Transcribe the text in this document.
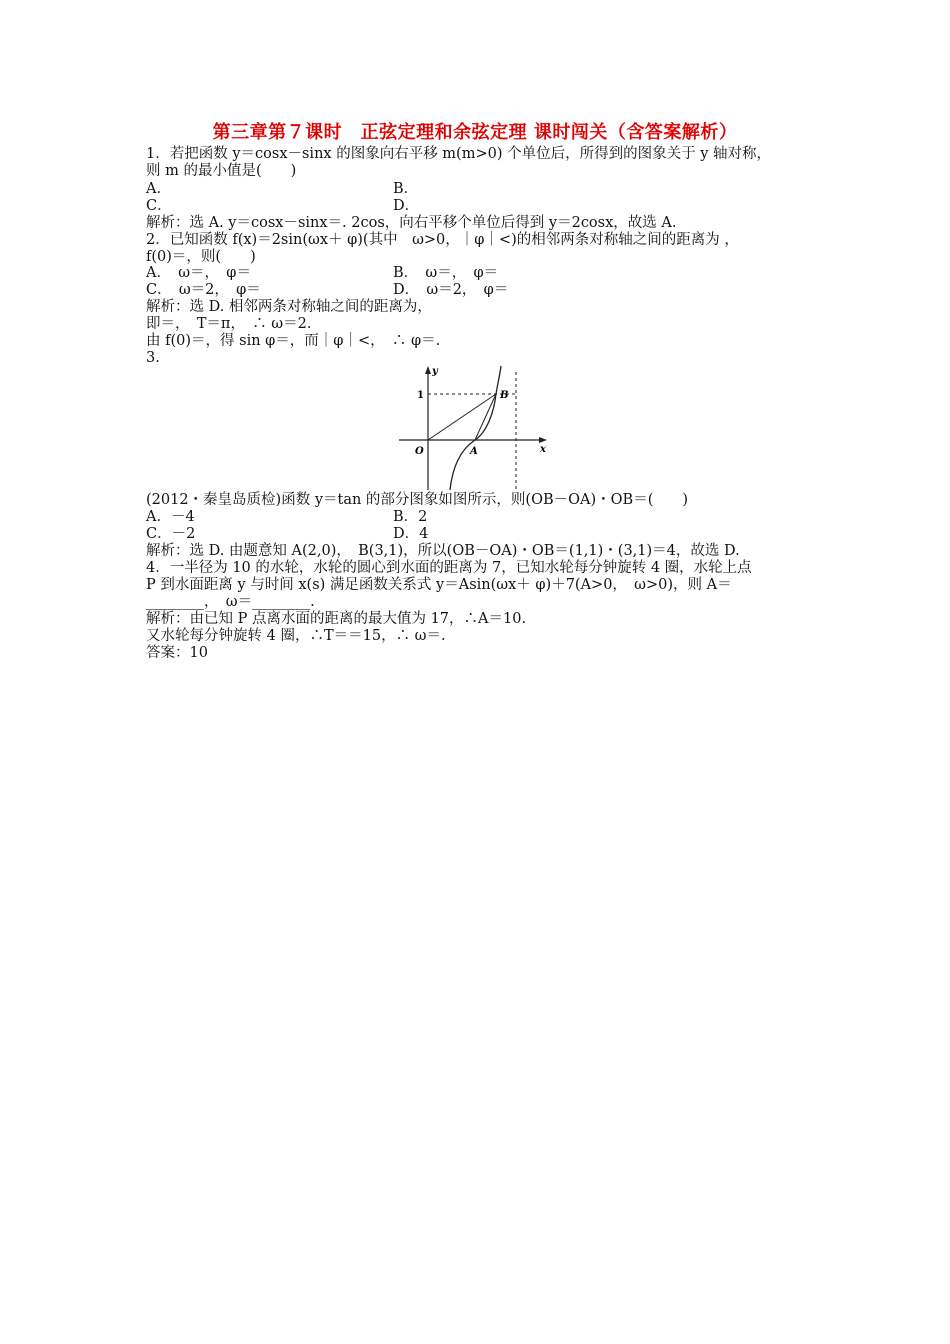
第三章第７课时　正弦定理和余弦定理 课时闯关（含答案解析）
1．若把函数 y＝cosx－sinx 的图象向右平移 m(m>0) 个单位后，所得到的图象关于 y 轴对称，
则 m 的最小值是(　　)
A．	B．
C．	D．
解析：选 A. y＝cosx－sinx＝. 2cos，向右平移个单位后得到 y＝2cosx，故选 A.
2．已知函数 f(x)＝2sin(ωx＋ φ)(其中　ω>0，｜φ｜<)的相邻两条对称轴之间的距离为 ，
f(0)＝，则(　　)
A．　ω＝，　φ＝	B．　ω＝，　φ＝
C．　ω＝2，　φ＝	D．　ω＝2，　φ＝
解析：选 D. 相邻两条对称轴之间的距离为，
即＝，　T＝π，　∴ ω＝2.
由 f(0)＝，得 sin φ＝，而｜φ｜<，　∴ φ＝.
3.
y
x
O
1
A
B
(2012・秦皇岛质检)函数 y＝tan 的部分图象如图所示，则(OB－OA)・OB＝(　　)
A．－4	B．2
C．－2	D．4
解析：选 D. 由题意知 A(2,0)，　B(3,1)，所以(OB－OA)・OB＝(1,1)・(3,1)＝4，故选 D.
4．一半径为 10 的水轮，水轮的圆心到水面的距离为 7，已知水轮每分钟旋转 4 圈，水轮上点
P 到水面距离 y 与时间 x(s) 满足函数关系式 y＝Asin(ωx＋ φ)＋7(A>0，　ω>0)，则 A＝
________，　ω＝________.
解析：由已知 P 点离水面的距离的最大值为 17，∴A＝10.
又水轮每分钟旋转 4 圈，∴T＝＝15，∴ ω＝.
答案：10
